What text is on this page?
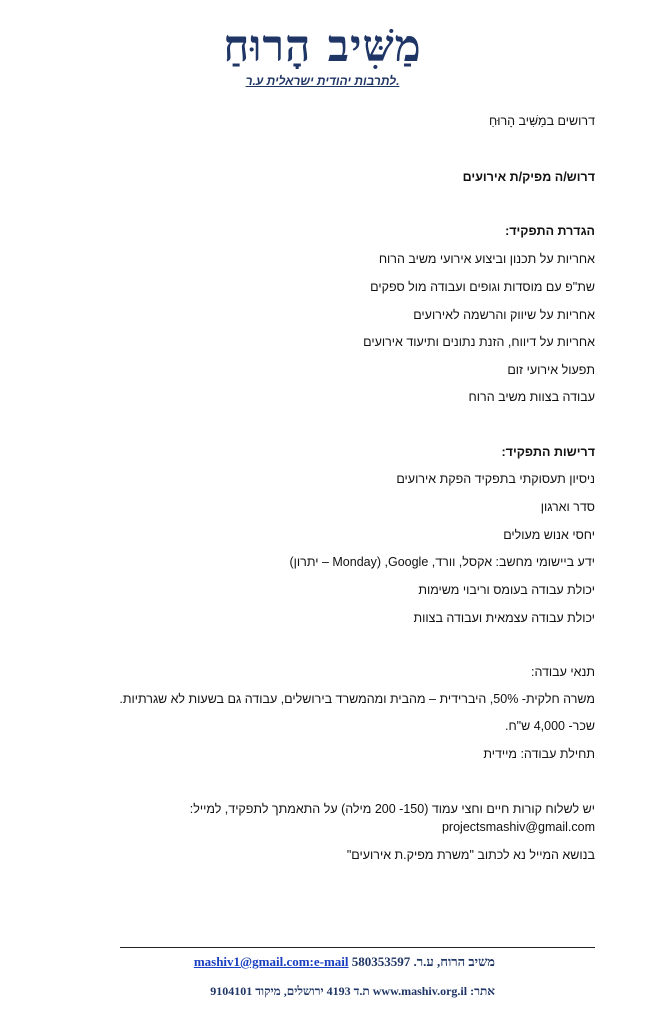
מַשִּׁיב הָרוּחַ
לתרבות יהודית ישראלית ע.ר.
דרושים במַשִּׁיב הָרוּחַ
דרוש/ה מפיק/ת אירועים
הגדרת התפקיד:
אחריות על תכנון וביצוע אירועי משיב הרוח
שת"פ עם מוסדות וגופים ועבודה מול ספקים
אחריות על שיווק והרשמה לאירועים
אחריות על דיווח, הזנת נתונים ותיעוד אירועים
תפעול אירועי זום
עבודה בצוות משיב הרוח
דרישות התפקיד:
ניסיון תעסוקתי בתפקיד הפקת אירועים
סדר וארגון
יחסי אנוש מעולים
ידע ביישומי מחשב: אקסל, וורד, Google, (Monday – יתרון)
יכולת עבודה בעומס וריבוי משימות
יכולת עבודה עצמאית ועבודה בצוות
תנאי עבודה:
משרה חלקית- 50%, היברידית – מהבית ומהמשרד בירושלים, עבודה גם בשעות לא שגרתיות.
שכר- 4,000 ש"ח.
תחילת עבודה: מיידית
יש לשלוח קורות חיים וחצי עמוד (150- 200 מילה) על התאמתך לתפקיד, למייל:
projectsmashiv@gmail.com
בנושא המייל נא לכתוב "משרת מפיק.ת אירועים"
משיב הרוח, ע.ר. 580353597 mashiv1@gmail.com:e-mail
אתר: www.mashiv.org.il ת.ד 4193 ירושלים, מיקוד 9104101
